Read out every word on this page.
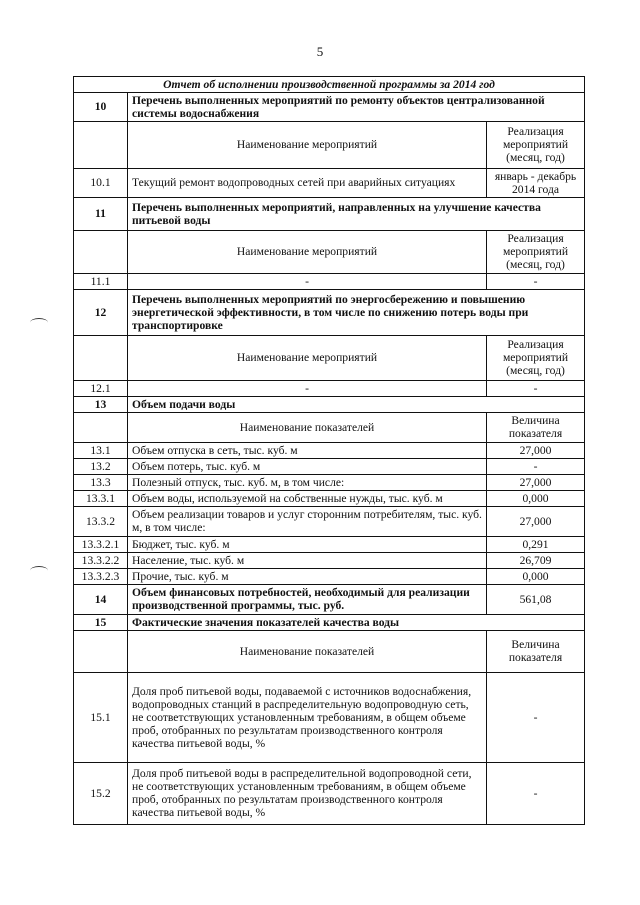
5
Отчет об исполнении производственной программы за 2014 год		
10	Перечень выполненных мероприятий по ремонту объектов централизованной системы водоснабжения	
	Наименование мероприятий	Реализация мероприятий (месяц, год)
10.1	Текущий ремонт водопроводных сетей при аварийных ситуациях	январь - декабрь 2014 года
11	Перечень выполненных мероприятий, направленных на улучшение качества питьевой воды	
	Наименование мероприятий	Реализация мероприятий (месяц, год)
11.1	-	-
12	Перечень выполненных мероприятий по энергосбережению и повышению энергетической эффективности, в том числе по снижению потерь воды при транспортировке	
	Наименование мероприятий	Реализация мероприятий (месяц, год)
12.1	-	-
13	Объем подачи воды	
	Наименование показателей	Величина показателя
13.1	Объем отпуска в сеть, тыс. куб. м	27,000
13.2	Объем потерь, тыс. куб. м	-
13.3	Полезный отпуск, тыс. куб. м, в том числе:	27,000
13.3.1	Объем воды, используемой на собственные нужды, тыс. куб. м	0,000
13.3.2	Объем реализации товаров и услуг сторонним потребителям, тыс. куб. м, в том числе:	27,000
13.3.2.1	Бюджет, тыс. куб. м	0,291
13.3.2.2	Население, тыс. куб. м	26,709
13.3.2.3	Прочие, тыс. куб. м	0,000
14	Объем финансовых потребностей, необходимый для реализации производственной программы, тыс. руб.	561,08
15	Фактические значения показателей качества воды	
	Наименование показателей	Величина показателя
15.1	Доля проб питьевой воды, подаваемой с источников водоснабжения, водопроводных станций в распределительную водопроводную сеть, не соответствующих установленным требованиям, в общем объеме проб, отобранных по результатам производственного контроля качества питьевой воды, %	-
15.2	Доля проб питьевой воды в распределительной водопроводной сети, не соответствующих установленным требованиям, в общем объеме проб, отобранных по результатам производственного контроля качества питьевой воды, %	-
